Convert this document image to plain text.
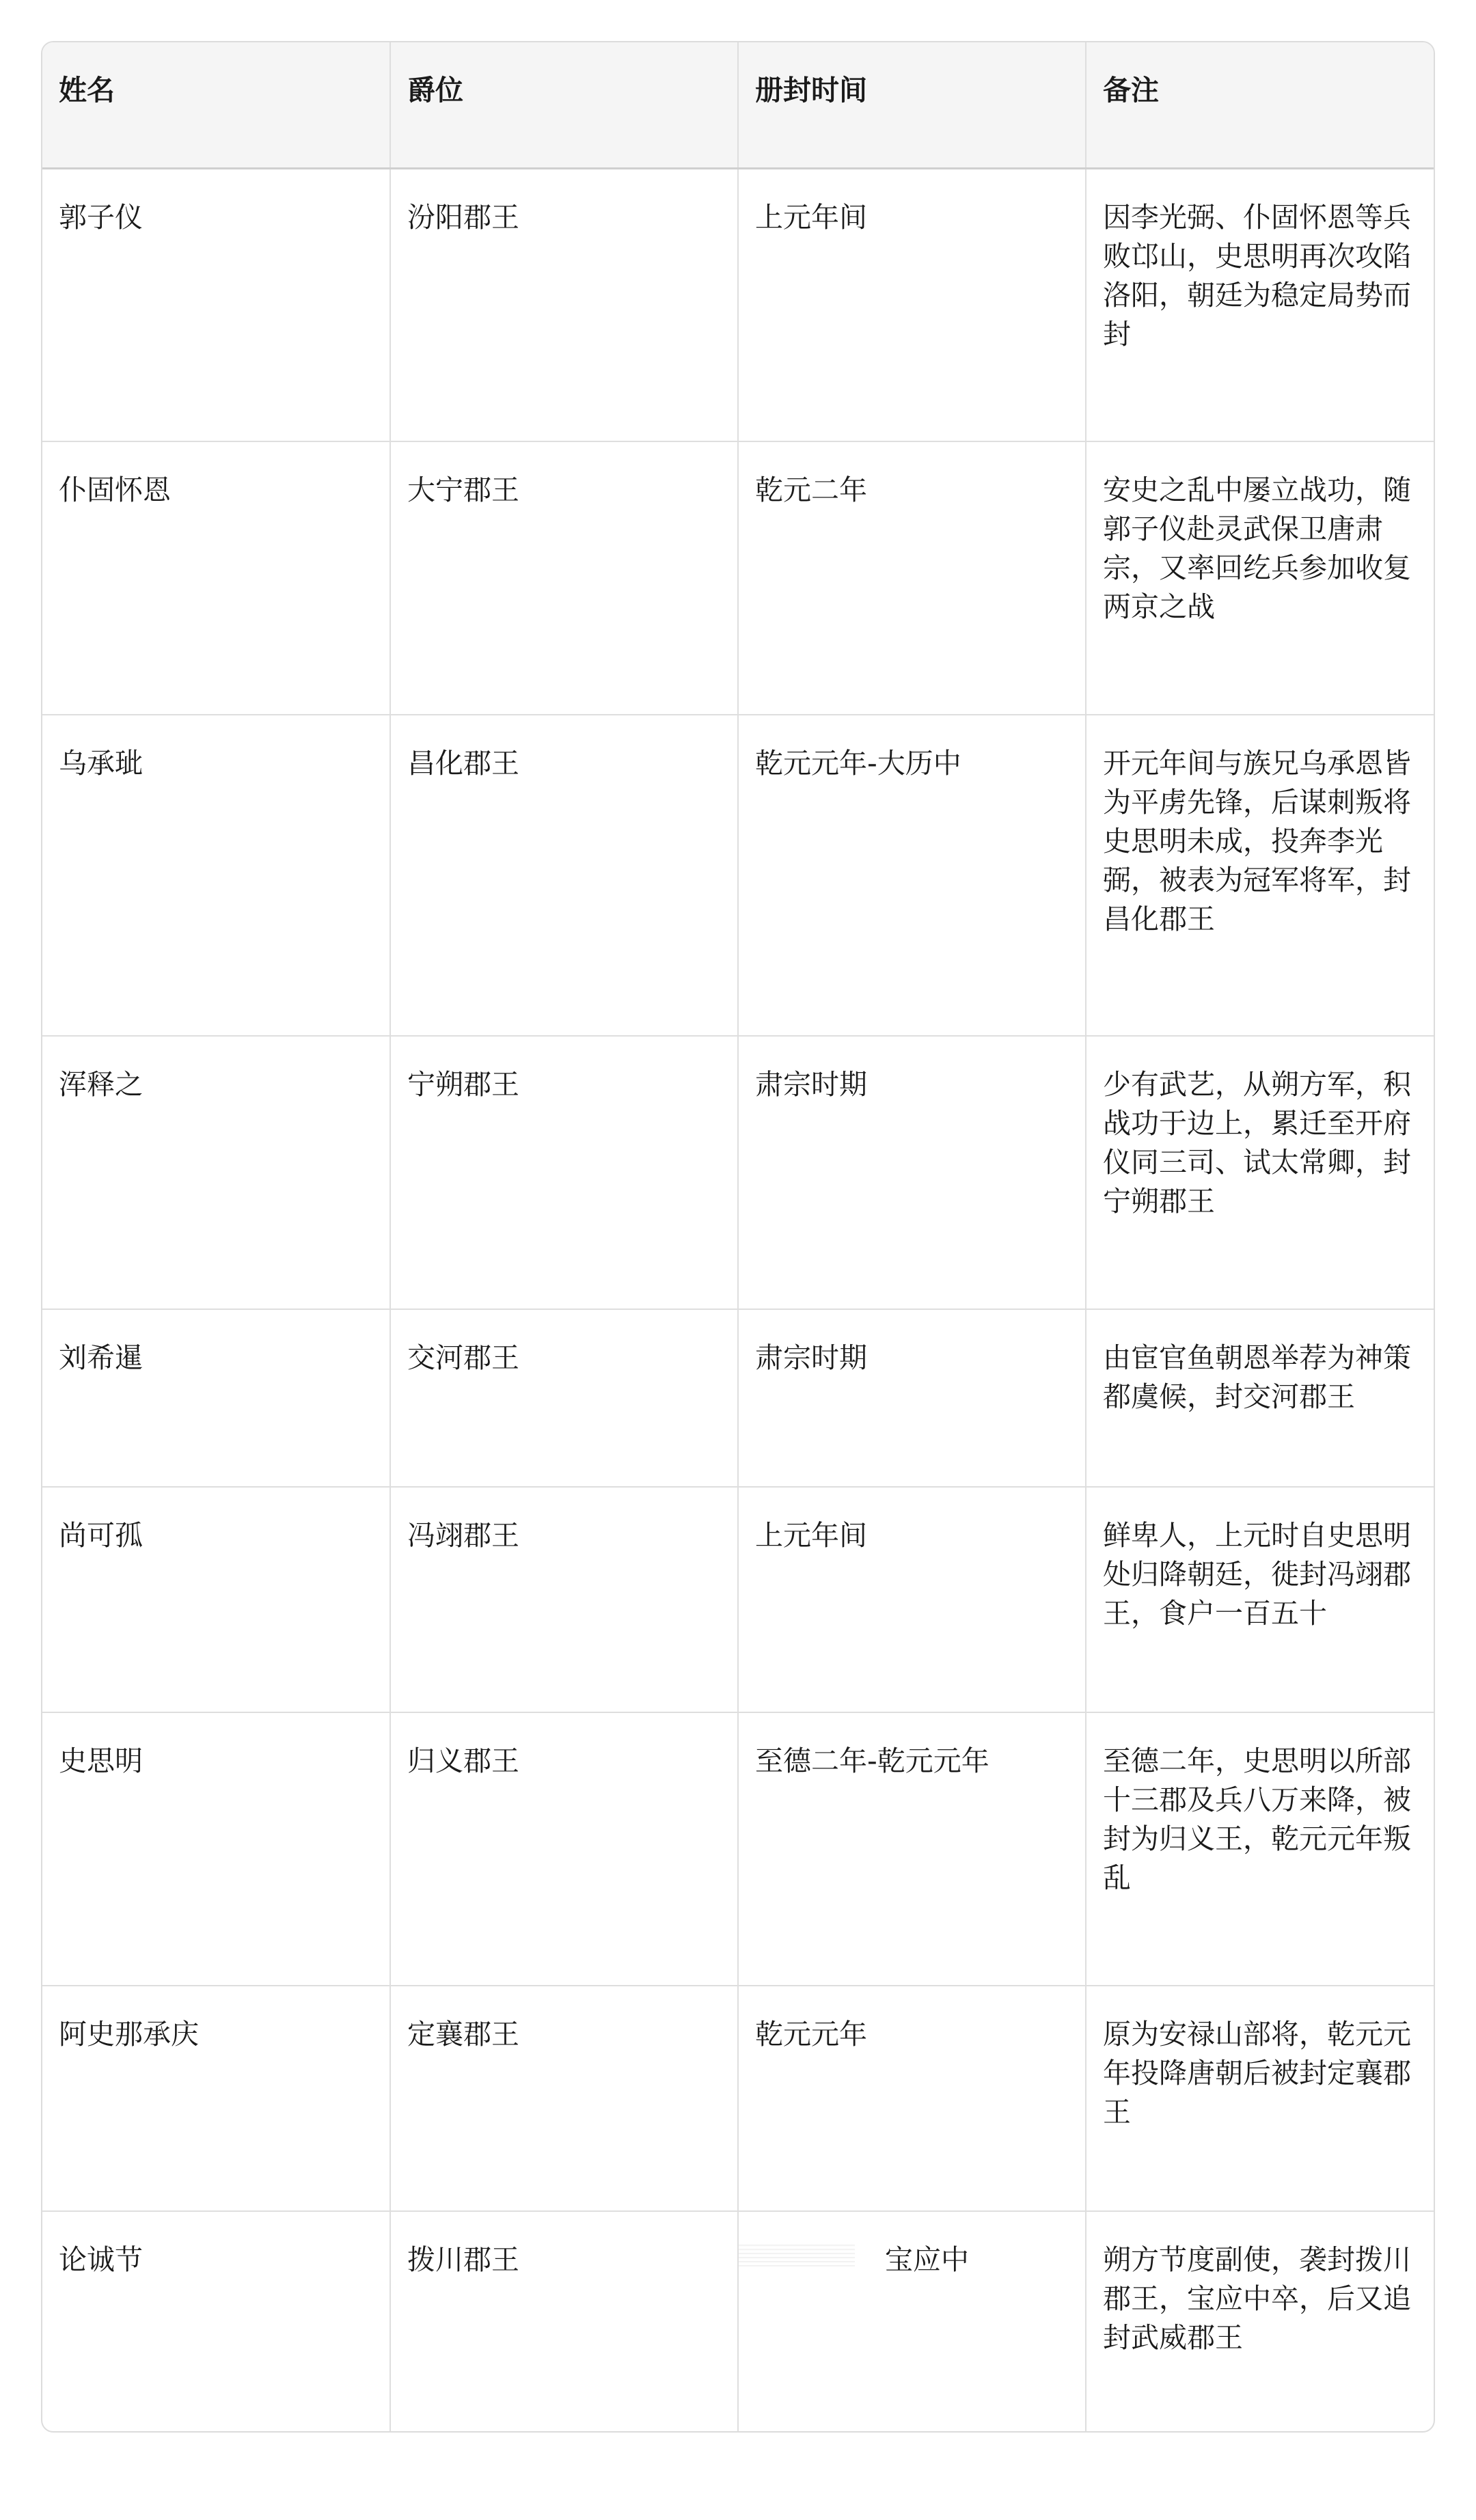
姓名	爵位	册封时间	备注
郭子仪	汾阳郡王	上元年间	因李光弼、仆固怀恩等兵败邙山，史思明再次攻陷洛阳，朝廷为稳定局势而封
仆固怀恩	大宁郡王	乾元二年	安史之乱中屡立战功，随郭子仪赴灵武保卫唐肃宗，又率回纥兵参加收复两京之战
乌承玼	昌化郡王	乾元元年-大历中	开元年间与族兄乌承恩皆为平虏先锋，后谋刺叛将史思明未成，投奔李光弼，被表为冠军将军，封昌化郡王
浑释之	宁朔郡王	肃宗时期	少有武艺，从朔方军，积战功于边上，累迁至开府仪同三司、试太常卿，封宁朔郡王
刘希暹	交河郡王	肃宗时期	由宦官鱼朝恩举荐为神策都虞候，封交河郡王
尚可孤	冯翊郡王	上元年间	鲜卑人，上元时自史思明处归降朝廷，徙封冯翊郡王，食户一百五十
史思明	归义郡王	至德二年-乾元元年	至德二年，史思明以所部十三郡及兵八万来降，被封为归义王，乾元元年叛乱
阿史那承庆	定襄郡王	乾元元年	原为安禄山部将，乾元元年投降唐朝后被封定襄郡王
论诚节	拨川郡王	宝应中	朔方节度副使，袭封拨川郡王，宝应中卒，后又追封武威郡王
